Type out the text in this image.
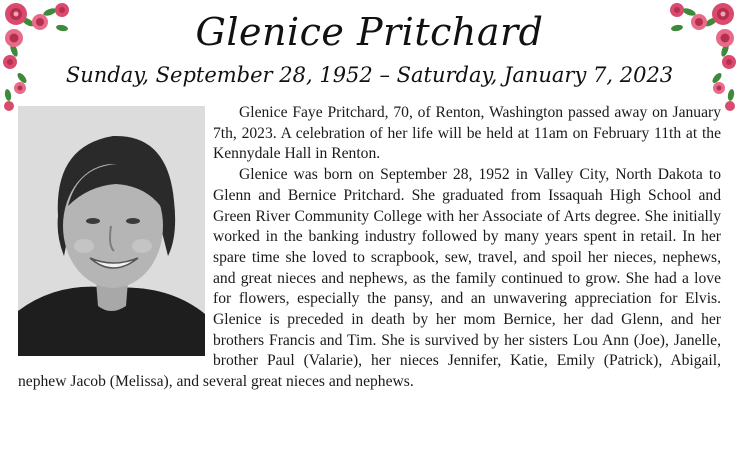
Glenice Pritchard
Sunday, September 28, 1952 – Saturday, January 7, 2023

Glenice Faye Pritchard, 70, of Renton, Washington passed away on January 7th, 2023. A celebration of her life will be held at 11am on February 11th at the Kennydale Hall in Renton.

Glenice was born on September 28, 1952 in Valley City, North Dakota to Glenn and Bernice Pritchard. She graduated from Issaquah High School and Green River Community College with her Associate of Arts degree. She initially worked in the banking industry followed by many years spent in retail. In her spare time she loved to scrapbook, sew, travel, and spoil her nieces, nephews, and great nieces and nephews, as the family continued to grow. She had a love for flowers, especially the pansy, and an unwavering appreciation for Elvis. Glenice is preceded in death by her mom Bernice, her dad Glenn, and her brothers Francis and Tim. She is survived by her sisters Lou Ann (Joe), Janelle, brother Paul (Valarie), her nieces Jennifer, Katie, Emily (Patrick), Abigail, nephew Jacob (Melissa), and several great nieces and nephews.
